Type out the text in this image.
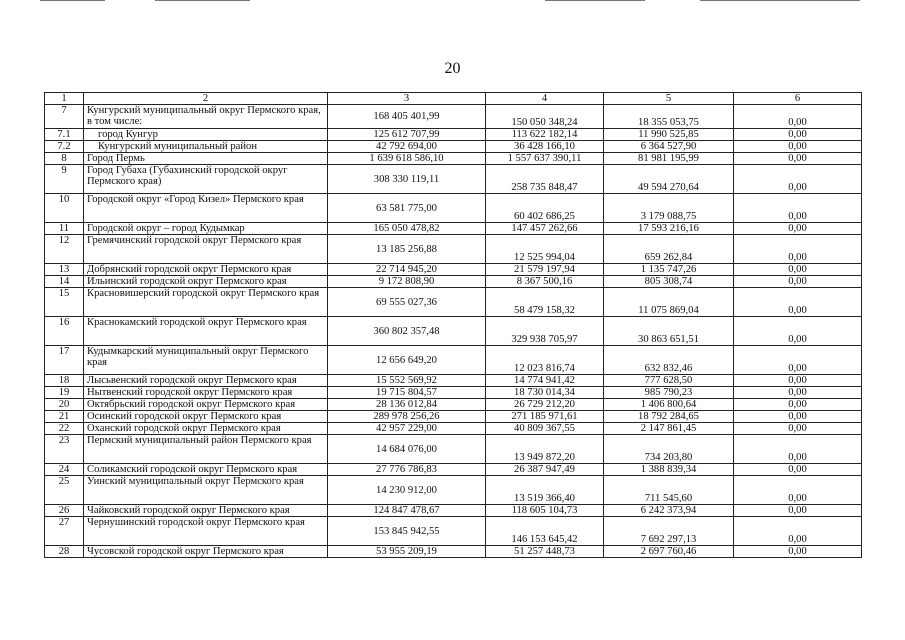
20
1	2	3	4	5	6
7	Кунгурский муниципальный округ Пермского края, в том числе:	168 405 401,99	150 050 348,24	18 355 053,75	0,00
7.1	город Кунгур	125 612 707,99	113 622 182,14	11 990 525,85	0,00
7.2	Кунгурский муниципальный район	42 792 694,00	36 428 166,10	6 364 527,90	0,00
8	Город Пермь	1 639 618 586,10	1 557 637 390,11	81 981 195,99	0,00
9	Город Губаха (Губахинский городской округ Пермского края)	308 330 119,11	258 735 848,47	49 594 270,64	0,00
10	Городской округ «Город Кизел» Пермского края	63 581 775,00	60 402 686,25	3 179 088,75	0,00
11	Городской округ – город Кудымкар	165 050 478,82	147 457 262,66	17 593 216,16	0,00
12	Гремячинский городской округ Пермского края	13 185 256,88	12 525 994,04	659 262,84	0,00
13	Добрянский городской округ Пермского края	22 714 945,20	21 579 197,94	1 135 747,26	0,00
14	Ильинский городской округ Пермского края	9 172 808,90	8 367 500,16	805 308,74	0,00
15	Красновишерский городской округ Пермского края	69 555 027,36	58 479 158,32	11 075 869,04	0,00
16	Краснокамский городской округ Пермского края	360 802 357,48	329 938 705,97	30 863 651,51	0,00
17	Кудымкарский муниципальный округ Пермского края	12 656 649,20	12 023 816,74	632 832,46	0,00
18	Лысьвенский городской округ Пермского края	15 552 569,92	14 774 941,42	777 628,50	0,00
19	Нытвенский городской округ Пермского края	19 715 804,57	18 730 014,34	985 790,23	0,00
20	Октябрьский городской округ Пермского края	28 136 012,84	26 729 212,20	1 406 800,64	0,00
21	Осинский городской округ Пермского края	289 978 256,26	271 185 971,61	18 792 284,65	0,00
22	Оханский городской округ Пермского края	42 957 229,00	40 809 367,55	2 147 861,45	0,00
23	Пермский муниципальный район Пермского края	14 684 076,00	13 949 872,20	734 203,80	0,00
24	Соликамский городской округ Пермского края	27 776 786,83	26 387 947,49	1 388 839,34	0,00
25	Уинский муниципальный округ Пермского края	14 230 912,00	13 519 366,40	711 545,60	0,00
26	Чайковский городской округ Пермского края	124 847 478,67	118 605 104,73	6 242 373,94	0,00
27	Чернушинский городской округ Пермского края	153 845 942,55	146 153 645,42	7 692 297,13	0,00
28	Чусовской городской округ Пермского края	53 955 209,19	51 257 448,73	2 697 760,46	0,00
